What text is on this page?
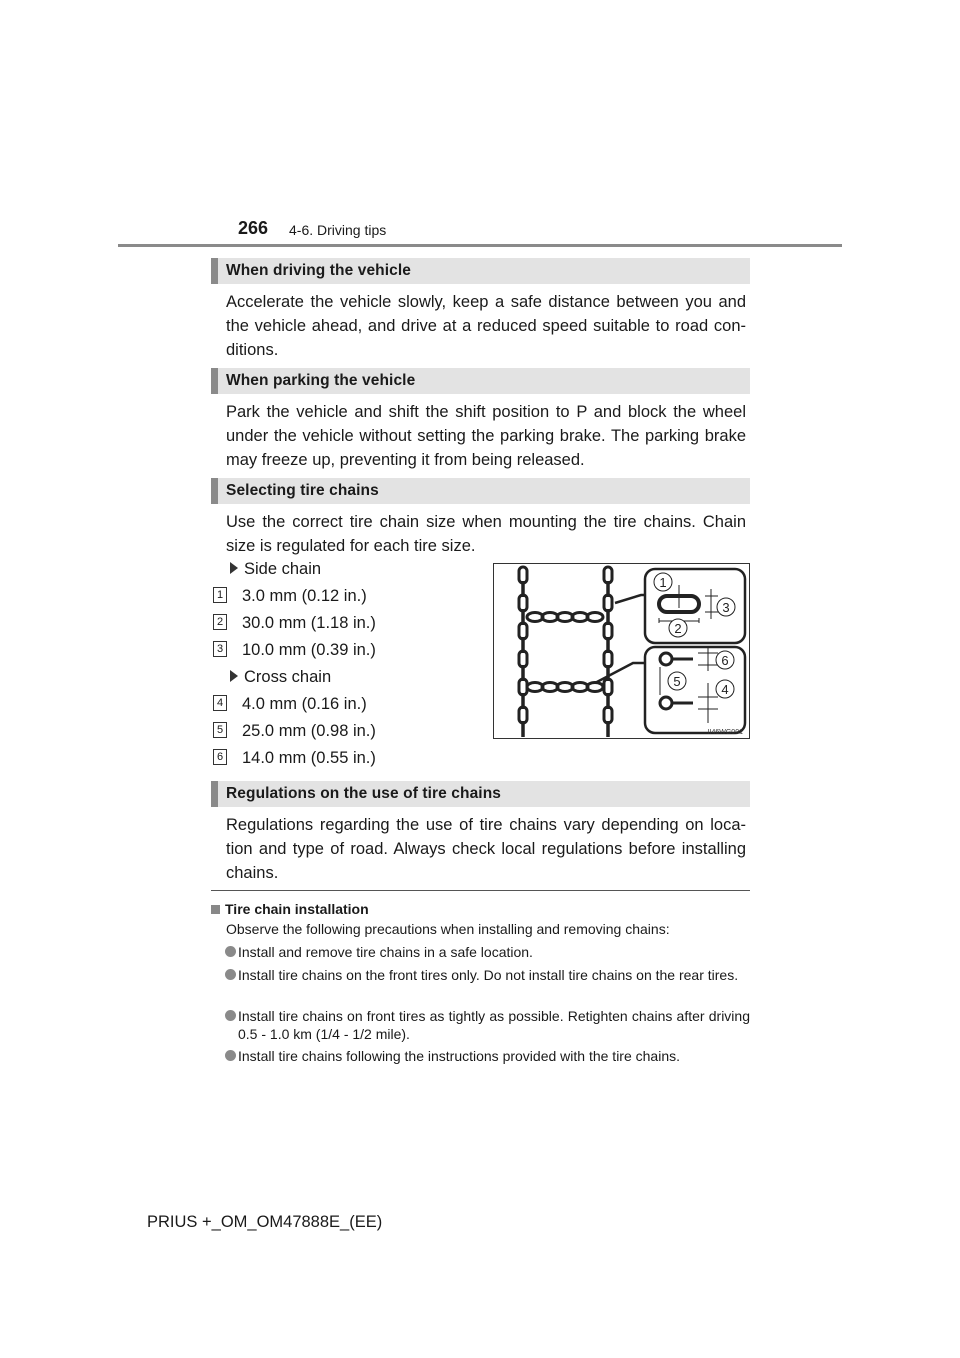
266 4-6. Driving tips
When driving the vehicle
Accelerate the vehicle slowly, keep a safe distance between you and the vehicle ahead, and drive at a reduced speed suitable to road con-ditions.
When parking the vehicle
Park the vehicle and shift the shift position to P and block the wheel under the vehicle without setting the parking brake. The parking brake may freeze up, preventing it from being released.
Selecting tire chains
Use the correct tire chain size when mounting the tire chains. Chain size is regulated for each tire size.
Side chain
1 3.0 mm (0.12 in.)
2 30.0 mm (1.18 in.)
3 10.0 mm (0.39 in.)
Cross chain
4 4.0 mm (0.16 in.)
5 25.0 mm (0.98 in.)
6 14.0 mm (0.55 in.)
1
2
3
4
5
6
II46WG001
Regulations on the use of tire chains
Regulations regarding the use of tire chains vary depending on loca-tion and type of road. Always check local regulations before installing chains.
Tire chain installation
Observe the following precautions when installing and removing chains:
Install and remove tire chains in a safe location.
Install tire chains on the front tires only. Do not install tire chains on the rear tires.
Install tire chains on front tires as tightly as possible. Retighten chains after driving 0.5 - 1.0 km (1/4 - 1/2 mile).
Install tire chains following the instructions provided with the tire chains.
PRIUS +_OM_OM47888E_(EE)
